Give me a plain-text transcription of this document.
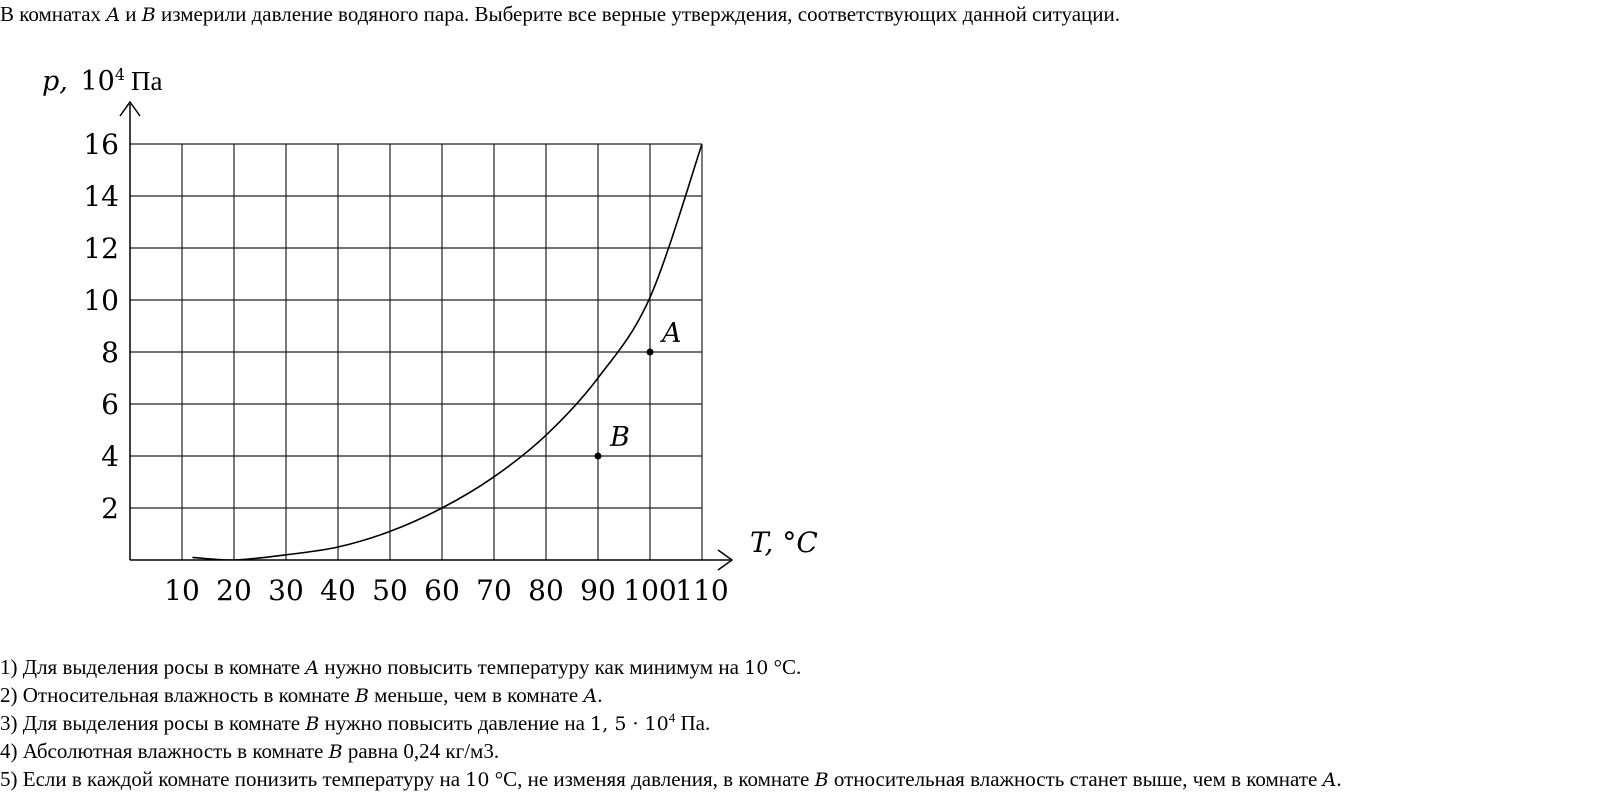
В комнатах A и B измерили давление водяного пара. Выберите все верные утверждения, соответствующих данной ситуации.
10 20 30 40 50 60 70 80 90 100
110
2
4
6
8
10
12
14
16
A
B
p, $10^4$ Па
T, °C
1) Для выделения росы в комнате A нужно повысить температуру как минимум на 10 °С.
2) Относительная влажность в комнате B меньше, чем в комнате A.
3) Для выделения росы в комнате B нужно повысить давление на 1, $5 \cdot 10^4$ Па.
4) Абсолютная влажность в комнате B равна 0,24 кг/м3.
5) Если в каждой комнате понизить температуру на 10 °С, не изменяя давления, в комнате B относительная влажность станет выше, чем в комнате A.
